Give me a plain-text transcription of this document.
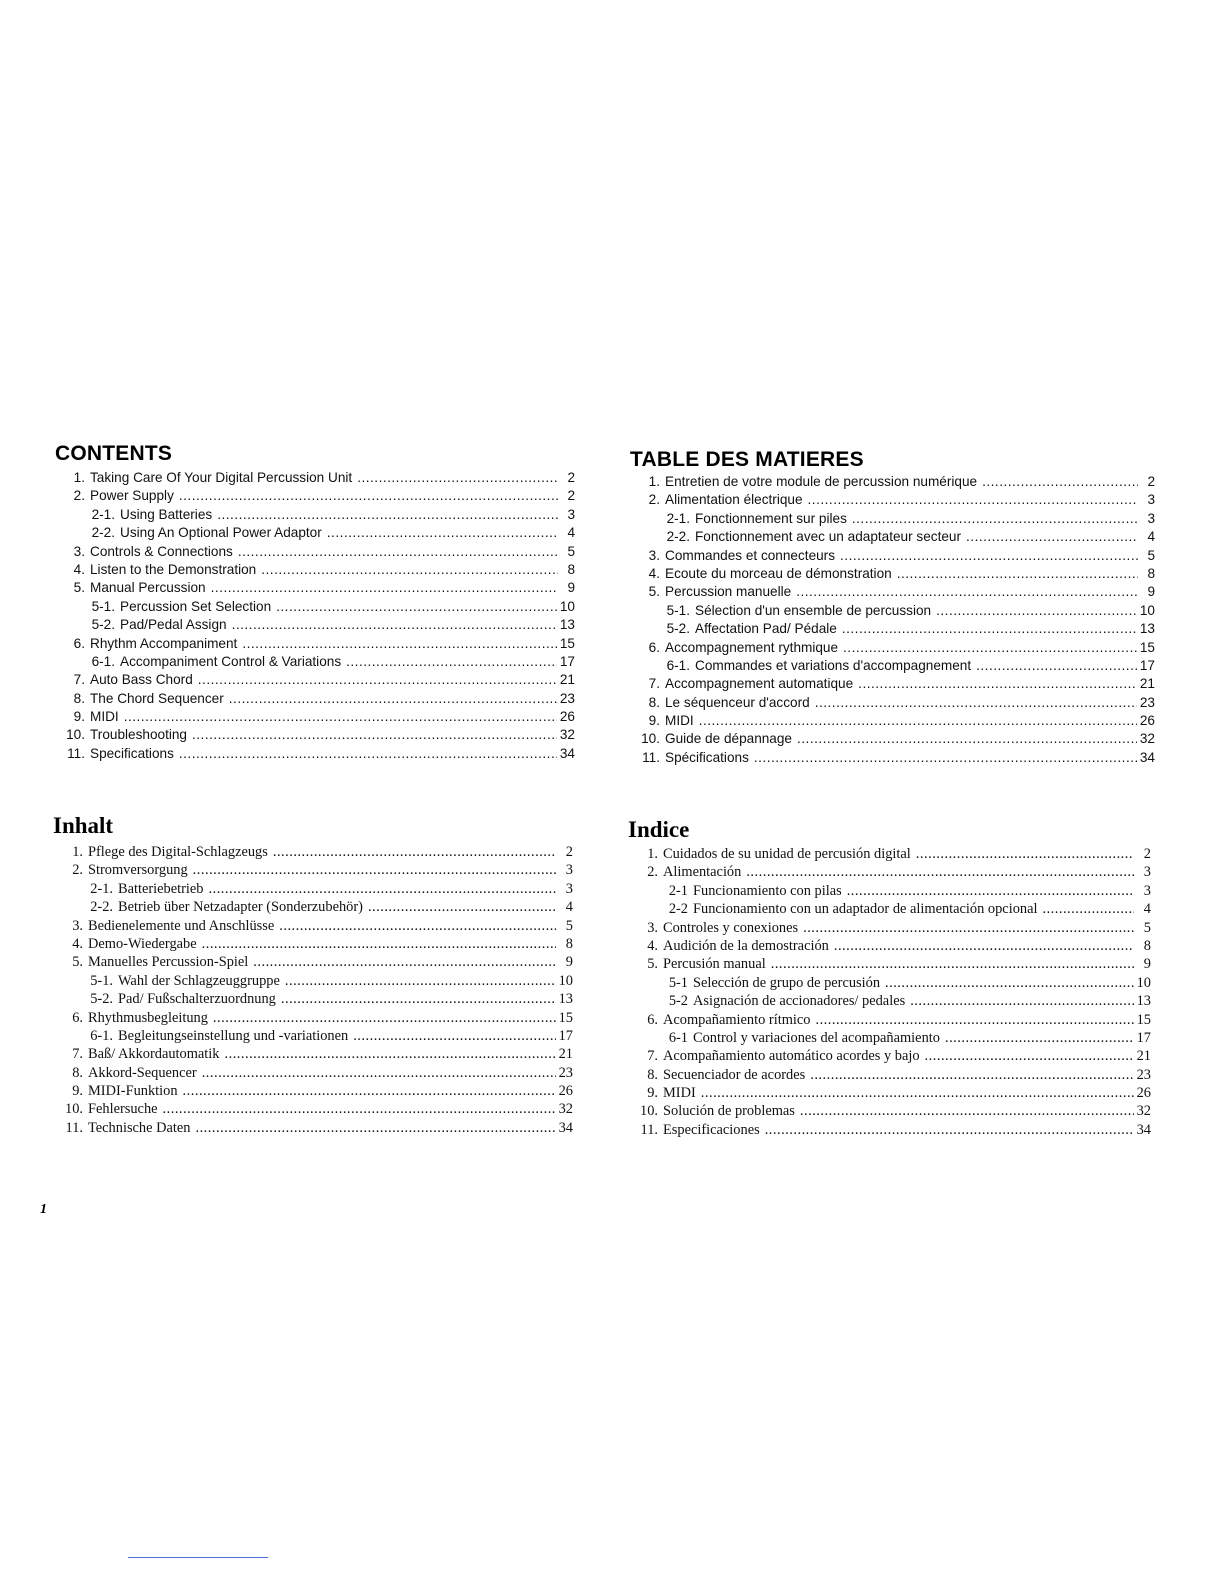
CONTENTS
1. Taking Care Of Your Digital Percussion Unit .....	2
2. Power Supply .....	2
2-1. Using Batteries .....	3
2-2. Using An Optional Power Adaptor .....	4
3. Controls & Connections .....	5
4. Listen to the Demonstration .....	8
5. Manual Percussion .....	9
5-1. Percussion Set Selection .....	10
5-2. Pad/Pedal Assign .....	13
6. Rhythm Accompaniment .....	15
6-1. Accompaniment Control & Variations .....	17
7. Auto Bass Chord .....	21
8. The Chord Sequencer .....	23
9. MIDI .....	26
10. Troubleshooting .....	32
11. Specifications .....	34
TABLE DES MATIERES
1. Entretien de votre module de percussion numérique .....	2
2. Alimentation électrique .....	3
2-1. Fonctionnement sur piles .....	3
2-2. Fonctionnement avec un adaptateur secteur .....	4
3. Commandes et connecteurs .....	5
4. Ecoute du morceau de démonstration .....	8
5. Percussion manuelle .....	9
5-1. Sélection d'un ensemble de percussion .....	10
5-2. Affectation Pad/ Pédale .....	13
6. Accompagnement rythmique .....	15
6-1. Commandes et variations d'accompagnement .....	17
7. Accompagnement automatique .....	21
8. Le séquenceur d'accord .....	23
9. MIDI .....	26
10. Guide de dépannage .....	32
11. Spécifications .....	34
Inhalt
1. Pflege des Digital-Schlagzeugs .....	2
2. Stromversorgung .....	3
2-1. Batteriebetrieb .....	3
2-2. Betrieb über Netzadapter (Sonderzubehör) .....	4
3. Bedienelemente und Anschlüsse .....	5
4. Demo-Wiedergabe .....	8
5. Manuelles Percussion-Spiel .....	9
5-1. Wahl der Schlagzeuggruppe .....	10
5-2. Pad/ Fußschalterzuordnung .....	13
6. Rhythmusbegleitung .....	15
6-1. Begleitungseinstellung und -variationen .....	17
7. Baß/ Akkordautomatik .....	21
8. Akkord-Sequencer .....	23
9. MIDI-Funktion .....	26
10. Fehlersuche .....	32
11. Technische Daten .....	34
Indice
1. Cuidados de su unidad de percusión digital .....	2
2. Alimentación .....	3
2-1 Funcionamiento con pilas .....	3
2-2 Funcionamiento con un adaptador de alimentación opcional .....	4
3. Controles y conexiones .....	5
4. Audición de la demostración .....	8
5. Percusión manual .....	9
5-1 Selección de grupo de percusión .....	10
5-2 Asignación de accionadores/ pedales .....	13
6. Acompañamiento rítmico .....	15
6-1 Control y variaciones del acompañamiento .....	17
7. Acompañamiento automático acordes y bajo .....	21
8. Secuenciador de acordes .....	23
9. MIDI .....	26
10. Solución de problemas .....	32
11. Especificaciones .....	34
1
